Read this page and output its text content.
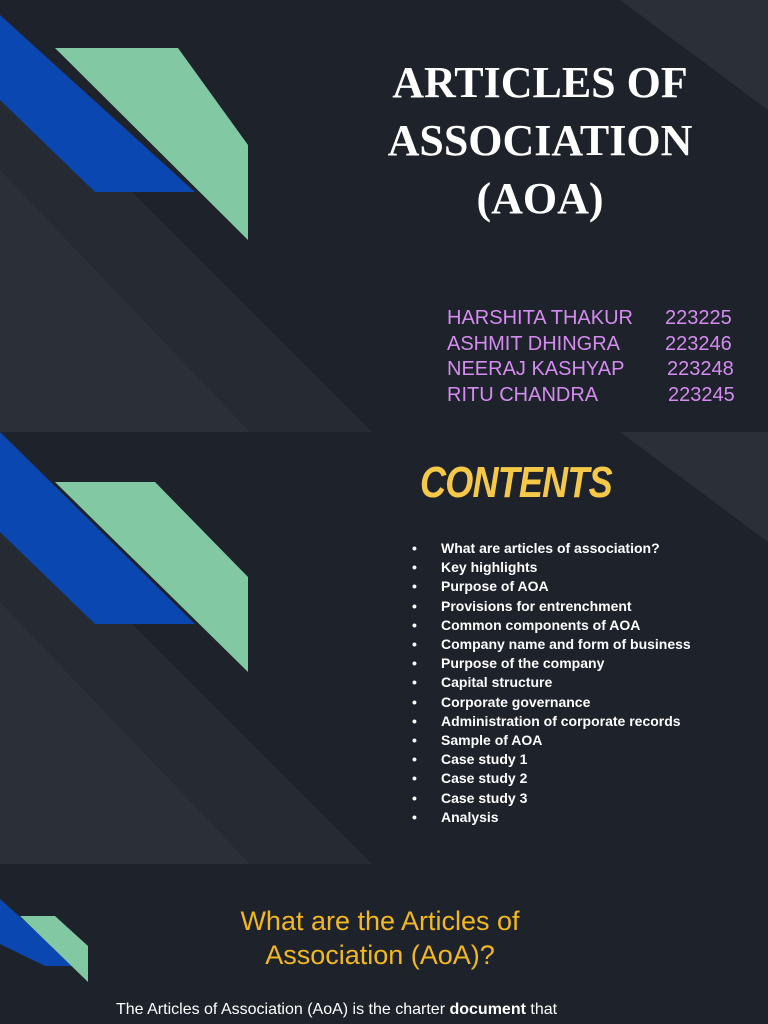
ARTICLES OF
ASSOCIATION
(AOA)
HARSHITA THAKUR 223225
ASHMIT DHINGRA 223246
NEERAJ KASHYAP 223248
RITU CHANDRA	223245
CONTENTS
• What are articles of association?
• Key highlights
• Purpose of AOA
• Provisions for entrenchment
• Common components of AOA
• Company name and form of business
• Purpose of the company
• Capital structure
• Corporate governance
• Administration of corporate records
• Sample of AOA
• Case study 1
• Case study 2
• Case study 3
• Analysis
What are the Articles of
Association (AoA)?

The Articles of Association (AoA) is the charter document that
